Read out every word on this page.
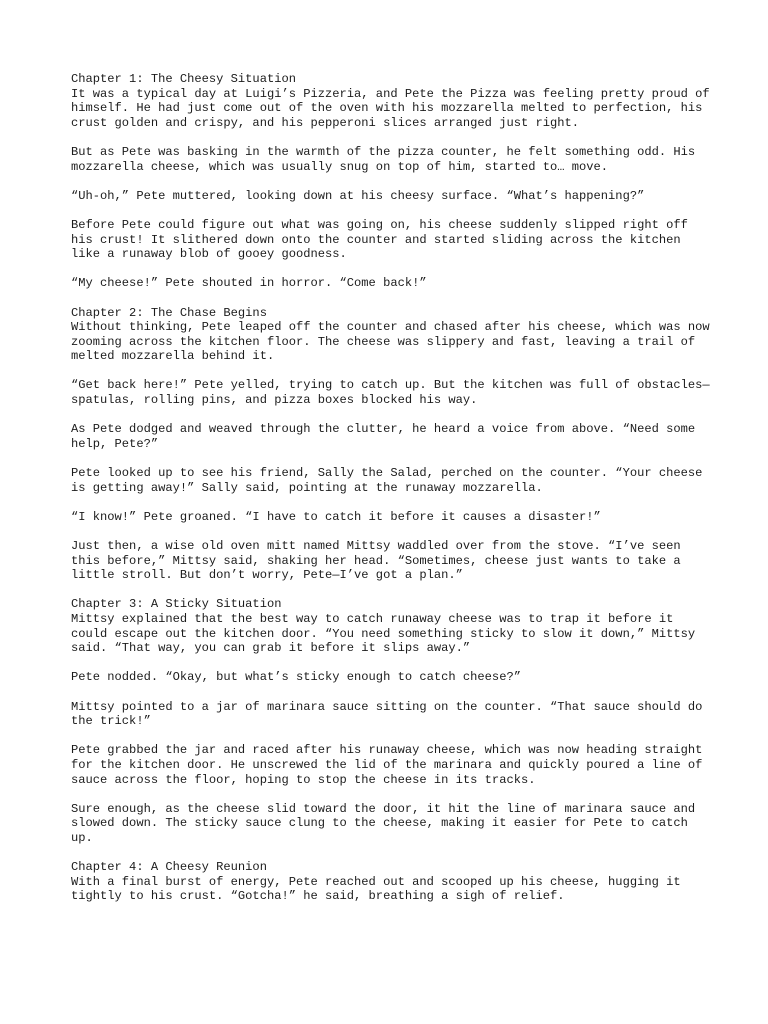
Chapter 1: The Cheesy Situation
It was a typical day at Luigi’s Pizzeria, and Pete the Pizza was feeling pretty proud of himself. He had just come out of the oven with his mozzarella melted to perfection, his crust golden and crispy, and his pepperoni slices arranged just right.
But as Pete was basking in the warmth of the pizza counter, he felt something odd. His mozzarella cheese, which was usually snug on top of him, started to… move.
“Uh-oh,” Pete muttered, looking down at his cheesy surface. “What’s happening?”
Before Pete could figure out what was going on, his cheese suddenly slipped right off his crust! It slithered down onto the counter and started sliding across the kitchen like a runaway blob of gooey goodness.
“My cheese!” Pete shouted in horror. “Come back!”
Chapter 2: The Chase Begins
Without thinking, Pete leaped off the counter and chased after his cheese, which was now zooming across the kitchen floor. The cheese was slippery and fast, leaving a trail of melted mozzarella behind it.
“Get back here!” Pete yelled, trying to catch up. But the kitchen was full of obstacles—spatulas, rolling pins, and pizza boxes blocked his way.
As Pete dodged and weaved through the clutter, he heard a voice from above. “Need some help, Pete?”
Pete looked up to see his friend, Sally the Salad, perched on the counter. “Your cheese is getting away!” Sally said, pointing at the runaway mozzarella.
“I know!” Pete groaned. “I have to catch it before it causes a disaster!”
Just then, a wise old oven mitt named Mittsy waddled over from the stove. “I’ve seen this before,” Mittsy said, shaking her head. “Sometimes, cheese just wants to take a little stroll. But don’t worry, Pete—I’ve got a plan.”
Chapter 3: A Sticky Situation
Mittsy explained that the best way to catch runaway cheese was to trap it before it could escape out the kitchen door. “You need something sticky to slow it down,” Mittsy said. “That way, you can grab it before it slips away.”
Pete nodded. “Okay, but what’s sticky enough to catch cheese?”
Mittsy pointed to a jar of marinara sauce sitting on the counter. “That sauce should do the trick!”
Pete grabbed the jar and raced after his runaway cheese, which was now heading straight for the kitchen door. He unscrewed the lid of the marinara and quickly poured a line of sauce across the floor, hoping to stop the cheese in its tracks.
Sure enough, as the cheese slid toward the door, it hit the line of marinara sauce and slowed down. The sticky sauce clung to the cheese, making it easier for Pete to catch up.
Chapter 4: A Cheesy Reunion
With a final burst of energy, Pete reached out and scooped up his cheese, hugging it tightly to his crust. “Gotcha!” he said, breathing a sigh of relief.
